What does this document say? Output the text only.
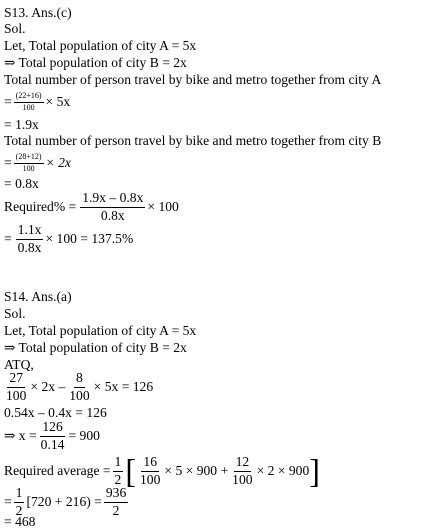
S13. Ans.(c)
Sol.
Let, Total population of city A = 5x
⇒ Total population of city B = 2x
Total number of person travel by bike and metro together from city A
= $\frac{(22+16)}{100} \times 5x$
= 1.9x
Total number of person travel by bike and metro together from city B
= $\frac{(28+12)}{100} \times 2x$
= 0.8x
Required% = $\frac{1.9x - 0.8x}{0.8x} \times 100$
= $\frac{1.1x}{0.8x} \times 100 = 137.5\%$
S14. Ans.(a)
Sol.
Let, Total population of city A = 5x
⇒ Total population of city B = 2x
ATQ,
$\frac{27}{100} \times 2x - \frac{8}{100} \times 5x = 126$
0.54x – 0.4x = 126
⇒ $x = \frac{126}{0.14} = 900$
Required average = $\frac{1}{2}$ [ $\frac{16}{100} \times 5 \times 900 + \frac{12}{100} \times 2 \times 900$ ]
= $\frac{1}{2} [720 + 216) = \frac{936}{2}$
= 468
